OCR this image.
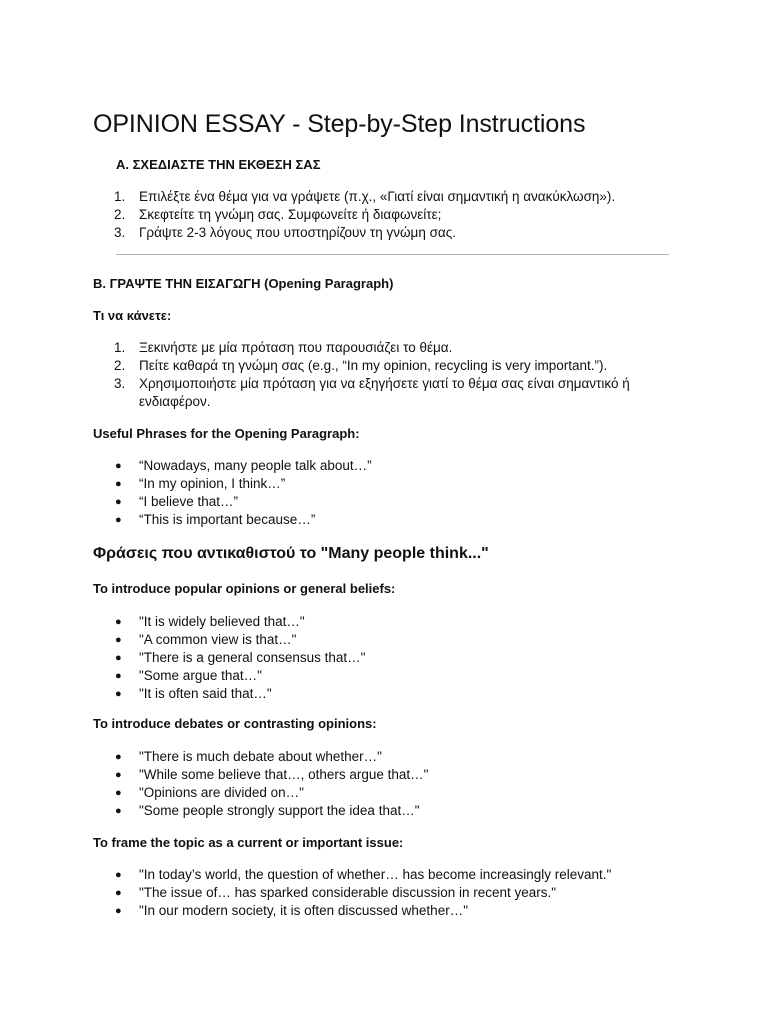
OPINION ESSAY - Step-by-Step Instructions
A. ΣΧΕΔΙΑΣΤΕ ΤΗΝ ΕΚΘΕΣΗ ΣΑΣ
1. Επιλέξτε ένα θέμα για να γράψετε (π.χ., «Γιατί είναι σημαντική η ανακύκλωση»).
2. Σκεφτείτε τη γνώμη σας. Συμφωνείτε ή διαφωνείτε;
3. Γράψτε 2-3 λόγους που υποστηρίζουν τη γνώμη σας.
B. ΓΡΑΨΤΕ ΤΗΝ ΕΙΣΑΓΩΓΗ (Opening Paragraph)
Τι να κάνετε:
1. Ξεκινήστε με μία πρόταση που παρουσιάζει το θέμα.
2. Πείτε καθαρά τη γνώμη σας (e.g., “In my opinion, recycling is very important.”).
3. Χρησιμοποιήστε μία πρόταση για να εξηγήσετε γιατί το θέμα σας είναι σημαντικό ή ενδιαφέρον.
Useful Phrases for the Opening Paragraph:
● “Nowadays, many people talk about…”
● “In my opinion, I think…”
● “I believe that…”
● “This is important because…”
Φράσεις που αντικαθιστού το "Many people think..."
To introduce popular opinions or general beliefs:
● "It is widely believed that…"
● "A common view is that…"
● "There is a general consensus that…"
● "Some argue that…"
● "It is often said that…"
To introduce debates or contrasting opinions:
● "There is much debate about whether…"
● "While some believe that…, others argue that…"
● "Opinions are divided on…"
● "Some people strongly support the idea that…"
To frame the topic as a current or important issue:
● "In today’s world, the question of whether… has become increasingly relevant."
● "The issue of… has sparked considerable discussion in recent years."
● "In our modern society, it is often discussed whether…"
